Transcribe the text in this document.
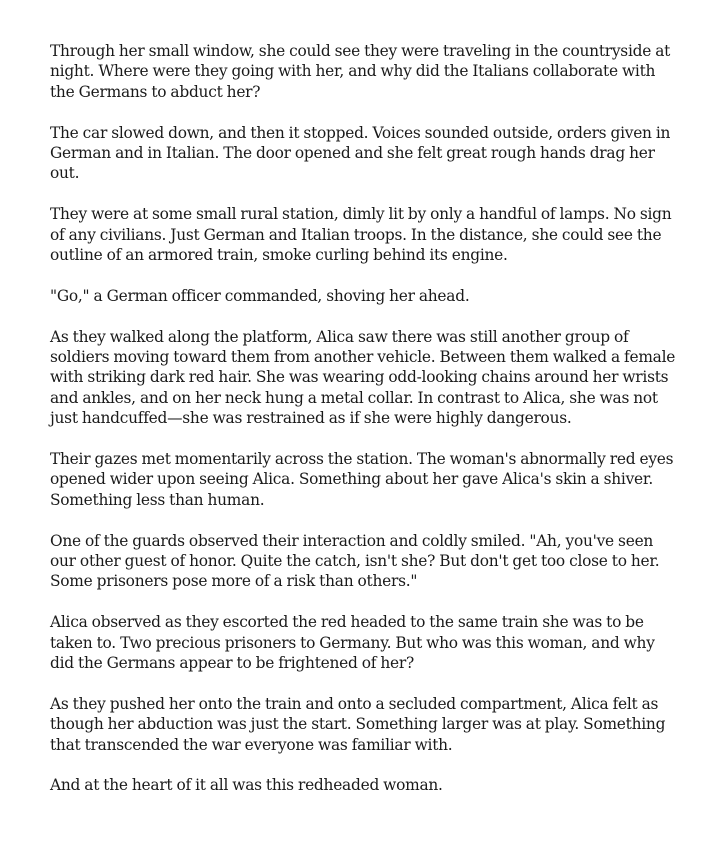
Through her small window, she could see they were traveling in the countryside at night. Where were they going with her, and why did the Italians collaborate with the Germans to abduct her?

The car slowed down, and then it stopped. Voices sounded outside, orders given in German and in Italian. The door opened and she felt great rough hands drag her out.

They were at some small rural station, dimly lit by only a handful of lamps. No sign of any civilians. Just German and Italian troops. In the distance, she could see the outline of an armored train, smoke curling behind its engine.

"Go," a German officer commanded, shoving her ahead.

As they walked along the platform, Alica saw there was still another group of soldiers moving toward them from another vehicle. Between them walked a female with striking dark red hair. She was wearing odd-looking chains around her wrists and ankles, and on her neck hung a metal collar. In contrast to Alica, she was not just handcuffed—she was restrained as if she were highly dangerous.

Their gazes met momentarily across the station. The woman's abnormally red eyes opened wider upon seeing Alica. Something about her gave Alica's skin a shiver. Something less than human.

One of the guards observed their interaction and coldly smiled. "Ah, you've seen our other guest of honor. Quite the catch, isn't she? But don't get too close to her. Some prisoners pose more of a risk than others."

Alica observed as they escorted the red headed to the same train she was to be taken to. Two precious prisoners to Germany. But who was this woman, and why did the Germans appear to be frightened of her?

As they pushed her onto the train and onto a secluded compartment, Alica felt as though her abduction was just the start. Something larger was at play. Something that transcended the war everyone was familiar with.

And at the heart of it all was this redheaded woman.
